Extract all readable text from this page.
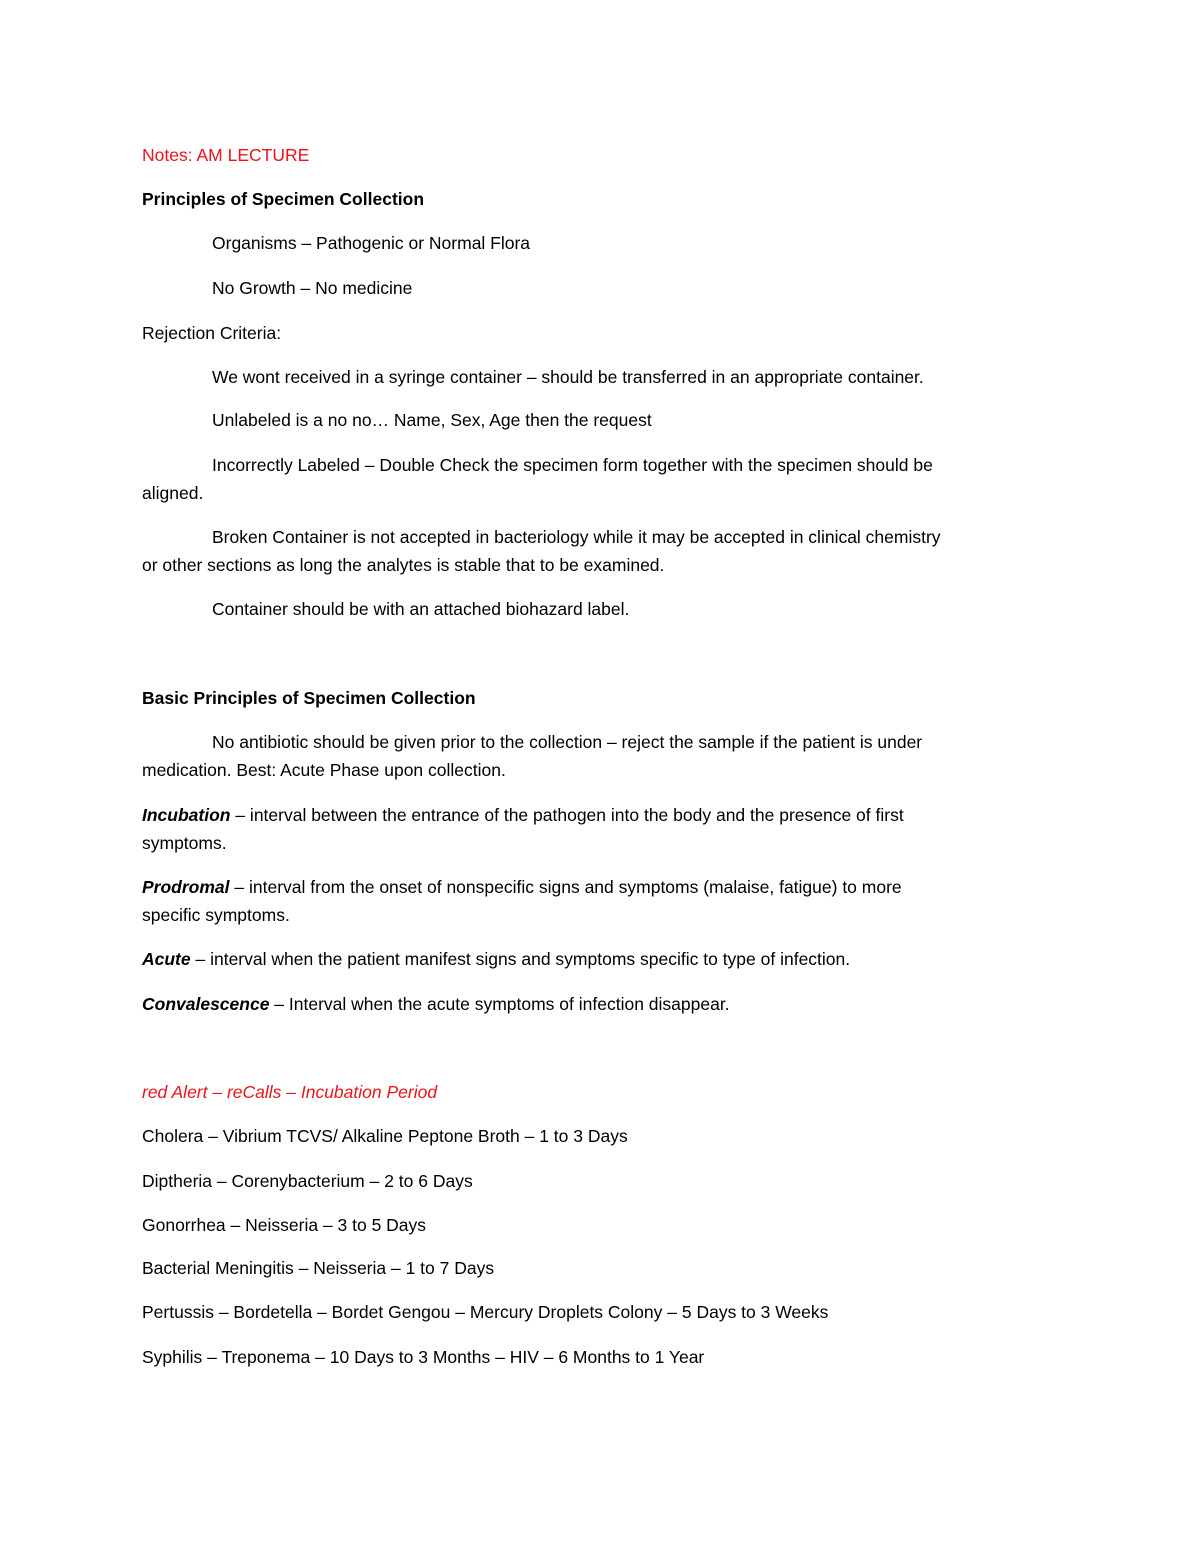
Notes: AM LECTURE
Principles of Specimen Collection
Organisms – Pathogenic or Normal Flora
No Growth – No medicine
Rejection Criteria:
We wont received in a syringe container – should be transferred in an appropriate container.
Unlabeled is a no no… Name, Sex, Age then the request
Incorrectly Labeled – Double Check the specimen form together with the specimen should be
aligned.
Broken Container is not accepted in bacteriology while it may be accepted in clinical chemistry
or other sections as long the analytes is stable that to be examined.
Container should be with an attached biohazard label.
Basic Principles of Specimen Collection
No antibiotic should be given prior to the collection – reject the sample if the patient is under
medication. Best: Acute Phase upon collection.
Incubation – interval between the entrance of the pathogen into the body and the presence of first
symptoms.
Prodromal – interval from the onset of nonspecific signs and symptoms (malaise, fatigue) to more
specific symptoms.
Acute – interval when the patient manifest signs and symptoms specific to type of infection.
Convalescence – Interval when the acute symptoms of infection disappear.
red Alert – reCalls – Incubation Period
Cholera – Vibrium TCVS/ Alkaline Peptone Broth – 1 to 3 Days
Diptheria – Corenybacterium – 2 to 6 Days
Gonorrhea – Neisseria – 3 to 5 Days
Bacterial Meningitis – Neisseria – 1 to 7 Days
Pertussis – Bordetella – Bordet Gengou – Mercury Droplets Colony – 5 Days to 3 Weeks
Syphilis – Treponema – 10 Days to 3 Months – HIV – 6 Months to 1 Year
